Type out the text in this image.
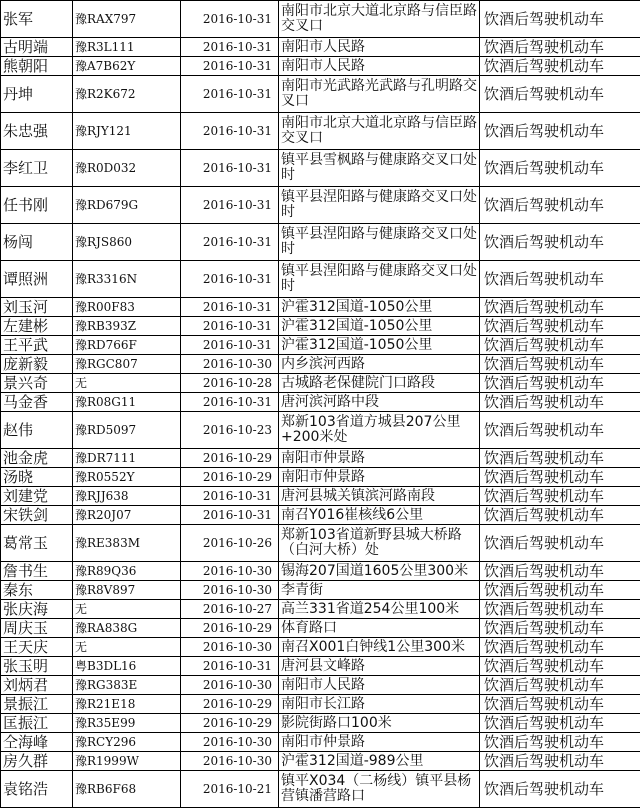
张军	豫RAX797	2016-10-31	南阳市北京大道北京路与信臣路交叉口	饮酒后驾驶机动车
古明端	豫R3L111	2016-10-31	南阳市人民路	饮酒后驾驶机动车
熊朝阳	豫A7B62Y	2016-10-31	南阳市人民路	饮酒后驾驶机动车
丹坤	豫R2K672	2016-10-31	南阳市光武路光武路与孔明路交叉口	饮酒后驾驶机动车
朱忠强	豫RJY121	2016-10-31	南阳市北京大道北京路与信臣路交叉口	饮酒后驾驶机动车
李红卫	豫R0D032	2016-10-31	镇平县雪枫路与健康路交叉口处时	饮酒后驾驶机动车
任书刚	豫RD679G	2016-10-31	镇平县涅阳路与健康路交叉口处时	饮酒后驾驶机动车
杨闯	豫RJS860	2016-10-31	镇平县涅阳路与健康路交叉口处时	饮酒后驾驶机动车
谭照洲	豫R3316N	2016-10-31	镇平县涅阳路与健康路交叉口处时	饮酒后驾驶机动车
刘玉河	豫R00F83	2016-10-31	沪霍312国道-1050公里	饮酒后驾驶机动车
左建彬	豫RB393Z	2016-10-31	沪霍312国道-1050公里	饮酒后驾驶机动车
王平武	豫RD766F	2016-10-31	沪霍312国道-1050公里	饮酒后驾驶机动车
庞新毅	豫RGC807	2016-10-30	内乡滨河西路	饮酒后驾驶机动车
景兴奇	无	2016-10-28	古城路老保健院门口路段	饮酒后驾驶机动车
马金香	豫R08G11	2016-10-31	唐河滨河路中段	饮酒后驾驶机动车
赵伟	豫RD5097	2016-10-23	郑新103省道方城县207公里+200米处	饮酒后驾驶机动车
池金虎	豫DR7111	2016-10-29	南阳市仲景路	饮酒后驾驶机动车
汤晓	豫R0552Y	2016-10-29	南阳市仲景路	饮酒后驾驶机动车
刘建党	豫RJJ638	2016-10-31	唐河县城关镇滨河路南段	饮酒后驾驶机动车
宋铁剑	豫R20J07	2016-10-31	南召Y016崔核线6公里	饮酒后驾驶机动车
葛常玉	豫RE383M	2016-10-26	郑新103省道新野县城大桥路（白河大桥）处	饮酒后驾驶机动车
詹书生	豫R89Q36	2016-10-30	锡海207国道1605公里300米	饮酒后驾驶机动车
秦东	豫R8V897	2016-10-30	李青街	饮酒后驾驶机动车
张庆海	无	2016-10-27	高兰331省道254公里100米	饮酒后驾驶机动车
周庆玉	豫RA838G	2016-10-29	体育路口	饮酒后驾驶机动车
王天庆	无	2016-10-30	南召X001白钟线1公里300米	饮酒后驾驶机动车
张玉明	粤B3DL16	2016-10-31	唐河县文峰路	饮酒后驾驶机动车
刘炳君	豫RG383E	2016-10-30	南阳市人民路	饮酒后驾驶机动车
景振江	豫R21E18	2016-10-29	南阳市长江路	饮酒后驾驶机动车
匡振江	豫R35E99	2016-10-29	影院街路口100米	饮酒后驾驶机动车
仝海峰	豫RCY296	2016-10-30	南阳市仲景路	饮酒后驾驶机动车
房久群	豫R1999W	2016-10-30	沪霍312国道-989公里	饮酒后驾驶机动车
袁铭浩	豫RB6F68	2016-10-21	镇平X034（二杨线）镇平县杨营镇潘营路口	饮酒后驾驶机动车
